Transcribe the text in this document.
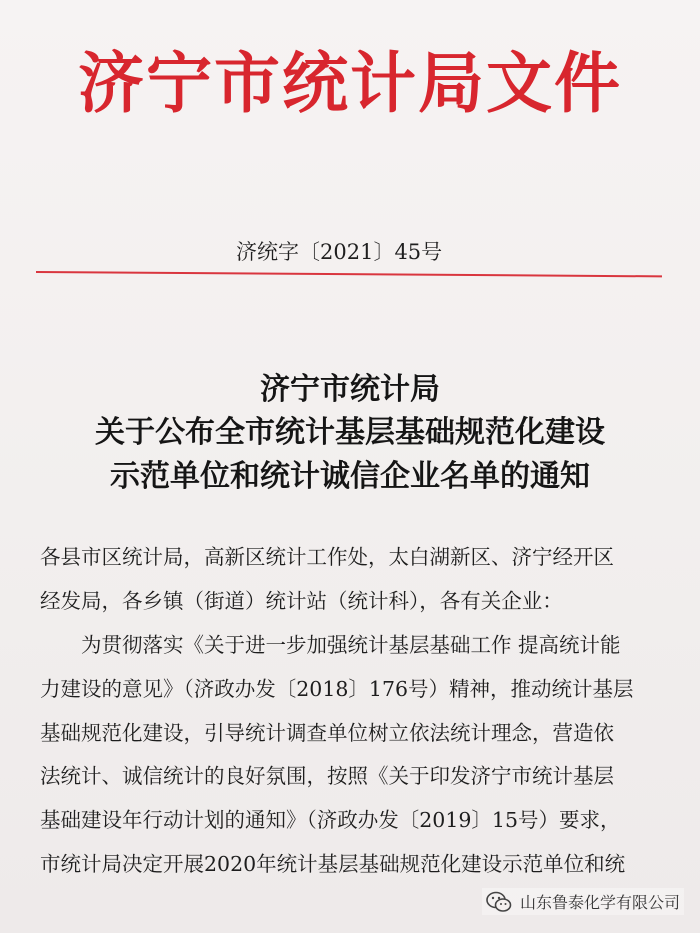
济宁市统计局文件
济统字〔2021〕45号
济宁市统计局
关于公布全市统计基层基础规范化建设
示范单位和统计诚信企业名单的通知
各县市区统计局，高新区统计工作处，太白湖新区、济宁经开区
经发局，各乡镇（街道）统计站（统计科），各有关企业：
　　为贯彻落实《关于进一步加强统计基层基础工作 提高统计能
力建设的意见》（济政办发〔2018〕176号）精神，推动统计基层
基础规范化建设，引导统计调查单位树立依法统计理念，营造依
法统计、诚信统计的良好氛围，按照《关于印发济宁市统计基层
基础建设年行动计划的通知》（济政办发〔2019〕15号）要求，
市统计局决定开展2020年统计基层基础规范化建设示范单位和统
山东鲁泰化学有限公司
